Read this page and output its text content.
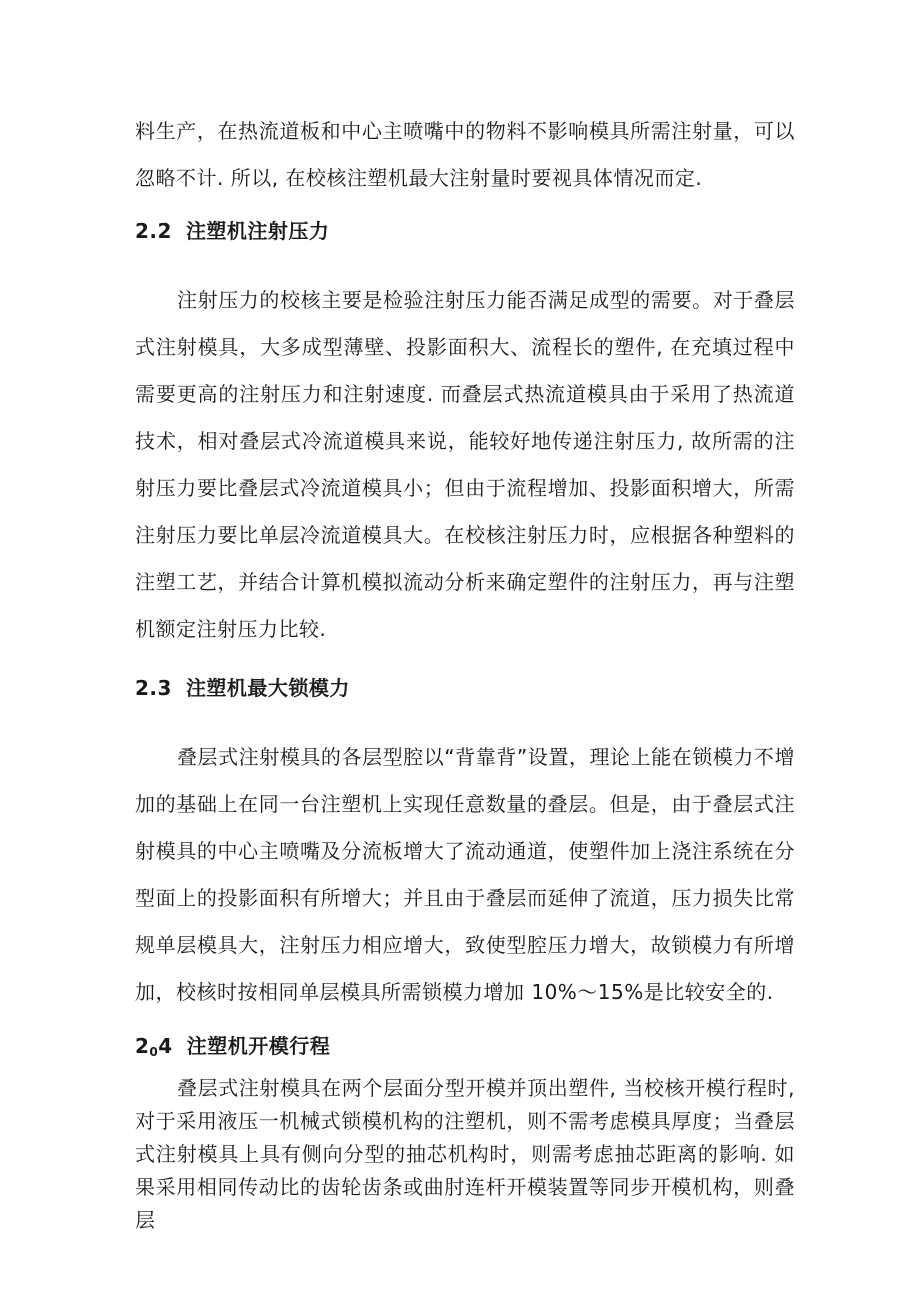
料生产，在热流道板和中心主喷嘴中的物料不影响模具所需注射量，可以忽略不计. 所以, 在校核注塑机最大注射量时要视具体情况而定.

2.2 注塑机注射压力

注射压力的校核主要是检验注射压力能否满足成型的需要。对于叠层式注射模具，大多成型薄壁、投影面积大、流程长的塑件, 在充填过程中需要更高的注射压力和注射速度. 而叠层式热流道模具由于采用了热流道技术，相对叠层式冷流道模具来说，能较好地传递注射压力, 故所需的注射压力要比叠层式冷流道模具小；但由于流程增加、投影面积增大，所需注射压力要比单层冷流道模具大。在校核注射压力时，应根据各种塑料的注塑工艺，并结合计算机模拟流动分析来确定塑件的注射压力，再与注塑机额定注射压力比较.

2.3 注塑机最大锁模力

叠层式注射模具的各层型腔以“背靠背”设置，理论上能在锁模力不增加的基础上在同一台注塑机上实现任意数量的叠层。但是，由于叠层式注射模具的中心主喷嘴及分流板增大了流动通道，使塑件加上浇注系统在分型面上的投影面积有所增大；并且由于叠层而延伸了流道，压力损失比常规单层模具大，注射压力相应增大，致使型腔压力增大，故锁模力有所增加，校核时按相同单层模具所需锁模力增加 10%～15%是比较安全的.

$2_04$ 注塑机开模行程

叠层式注射模具在两个层面分型开模并顶出塑件, 当校核开模行程时, 对于采用液压一机械式锁模机构的注塑机，则不需考虑模具厚度；当叠层式注射模具上具有侧向分型的抽芯机构时，则需考虑抽芯距离的影响. 如果采用相同传动比的齿轮齿条或曲肘连杆开模装置等同步开模机构，则叠层
